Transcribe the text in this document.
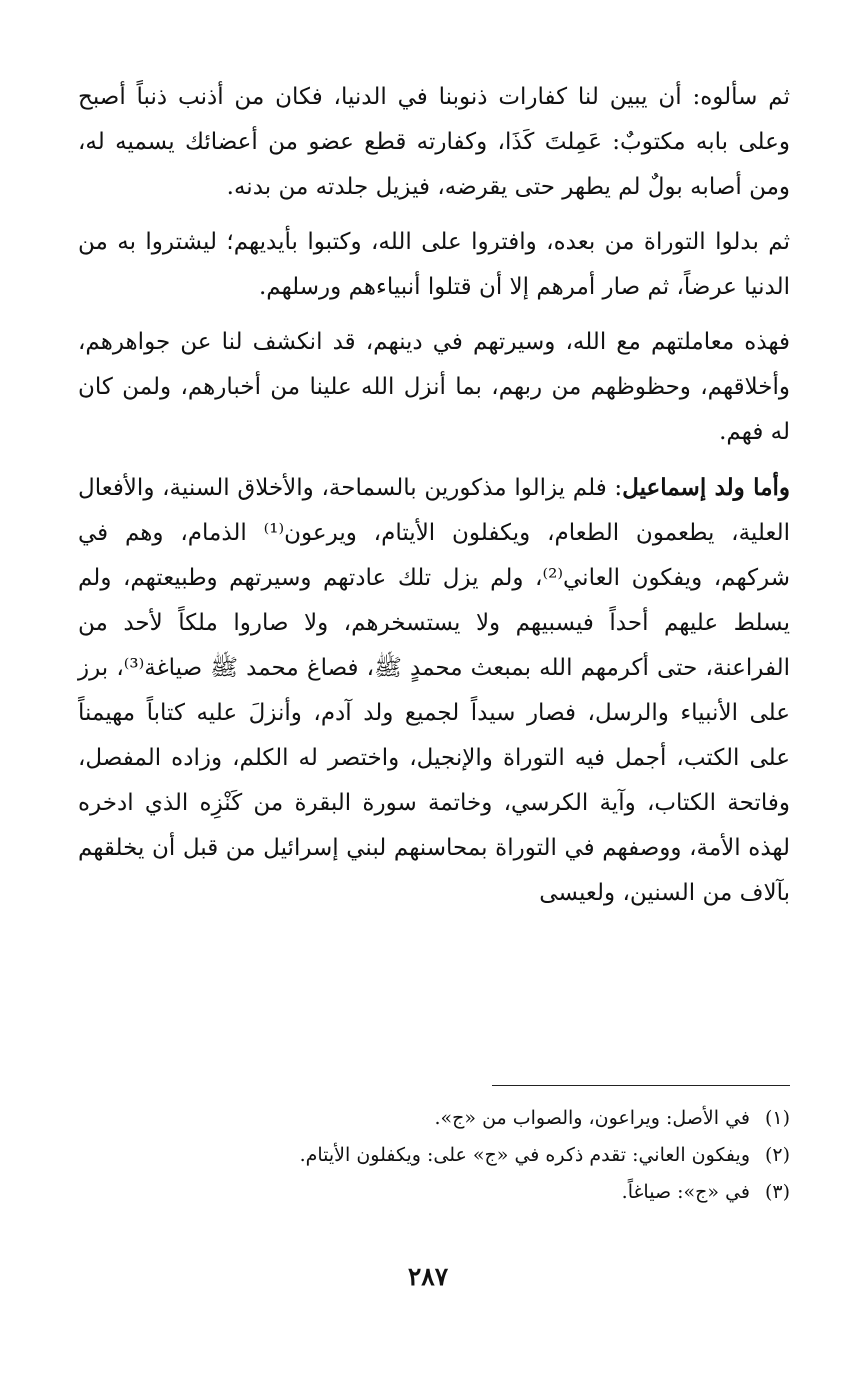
ثم سألوه: أن يبين لنا كفارات ذنوبنا في الدنيا، فكان من أذنب ذنباً أصبح وعلى بابه مكتوبٌ: عَمِلتَ كَذَا، وكفارته قطع عضو من أعضائك يسميه له، ومن أصابه بولٌ لم يطهر حتى يقرضه، فيزيل جلدته من بدنه.

ثم بدلوا التوراة من بعده، وافتروا على الله، وكتبوا بأيديهم؛ ليشتروا به من الدنيا عرضاً، ثم صار أمرهم إلا أن قتلوا أنبياءهم ورسلهم.

فهذه معاملتهم مع الله، وسيرتهم في دينهم، قد انكشف لنا عن جواهرهم، وأخلاقهم، وحظوظهم من ربهم، بما أنزل الله علينا من أخبارهم، ولمن كان له فهم.

وأما ولد إسماعيل: فلم يزالوا مذكورين بالسماحة، والأخلاق السنية، والأفعال العلية، يطعمون الطعام، ويكفلون الأيتام، ويرعون⁽¹⁾ الذمام، وهم في شركهم، ويفكون العاني⁽²⁾، ولم يزل تلك عادتهم وسيرتهم وطبيعتهم، ولم يسلط عليهم أحداً فيسبيهم ولا يستسخرهم، ولا صاروا ملكاً لأحد من الفراعنة، حتى أكرمهم الله بمبعث محمدٍ ﷺ، فصاغ محمد ﷺ صياغة⁽³⁾، برز على الأنبياء والرسل، فصار سيداً لجميع ولد آدم، وأنزلَ عليه كتاباً مهيمناً على الكتب، أجمل فيه التوراة والإنجيل، واختصر له الكلم، وزاده المفصل، وفاتحة الكتاب، وآية الكرسي، وخاتمة سورة البقرة من كَنْزِه الذي ادخره لهذه الأمة، ووصفهم في التوراة بمحاسنهم لبني إسرائيل من قبل أن يخلقهم بآلاف من السنين، ولعيسى

(١)في الأصل: ويراعون، والصواب من «ج».
(٢)ويفكون العاني: تقدم ذكره في «ج» على: ويكفلون الأيتام.
(٣)في «ج»: صياغاً.
٢٨٧
